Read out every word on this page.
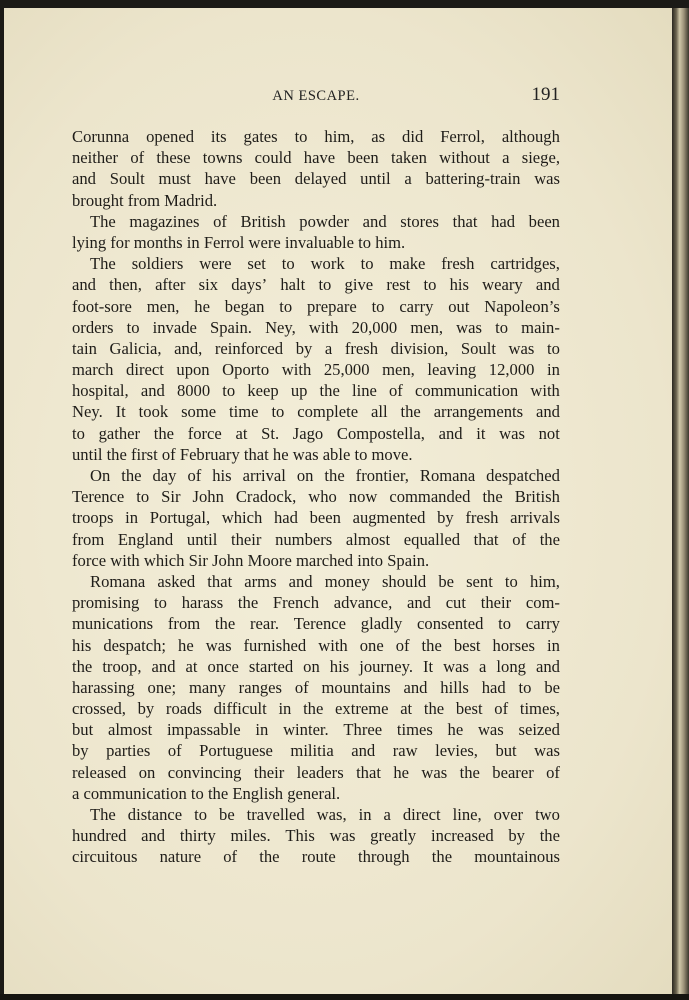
AN ESCAPE.	191
Corunna opened its gates to him, as did Ferrol, although
neither of these towns could have been taken without a siege,
and Soult must have been delayed until a battering-train was
brought from Madrid.
The magazines of British powder and stores that had been
lying for months in Ferrol were invaluable to him.
The soldiers were set to work to make fresh cartridges,
and then, after six days’ halt to give rest to his weary and
foot-sore men, he began to prepare to carry out Napoleon’s
orders to invade Spain. Ney, with 20,000 men, was to main-
tain Galicia, and, reinforced by a fresh division, Soult was to
march direct upon Oporto with 25,000 men, leaving 12,000 in
hospital, and 8000 to keep up the line of communication with
Ney. It took some time to complete all the arrangements and
to gather the force at St. Jago Compostella, and it was not
until the first of February that he was able to move.
On the day of his arrival on the frontier, Romana despatched
Terence to Sir John Cradock, who now commanded the British
troops in Portugal, which had been augmented by fresh arrivals
from England until their numbers almost equalled that of the
force with which Sir John Moore marched into Spain.
Romana asked that arms and money should be sent to him,
promising to harass the French advance, and cut their com-
munications from the rear. Terence gladly consented to carry
his despatch; he was furnished with one of the best horses in
the troop, and at once started on his journey. It was a long and
harassing one; many ranges of mountains and hills had to be
crossed, by roads difficult in the extreme at the best of times,
but almost impassable in winter. Three times he was seized
by parties of Portuguese militia and raw levies, but was
released on convincing their leaders that he was the bearer of
a communication to the English general.
The distance to be travelled was, in a direct line, over two
hundred and thirty miles. This was greatly increased by the
circuitous nature of the route through the mountainous
